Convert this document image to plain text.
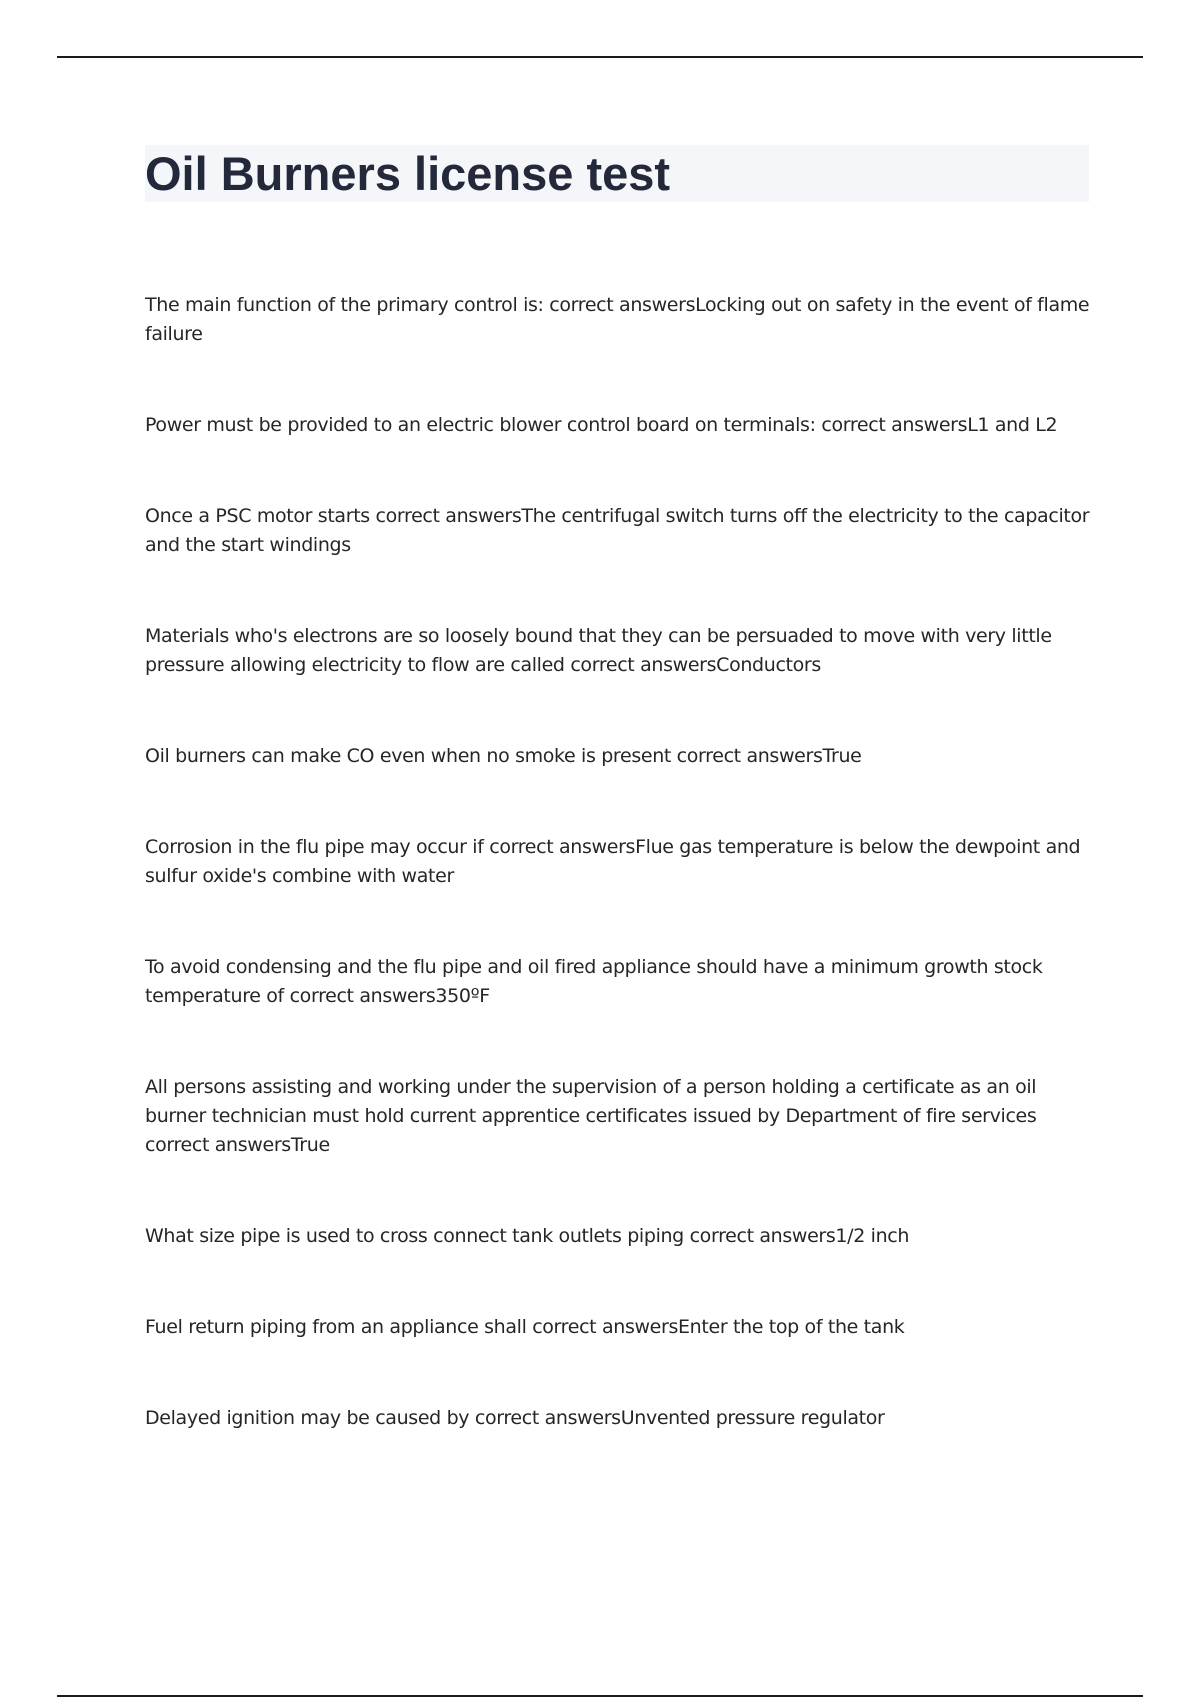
Oil Burners license test

The main function of the primary control is: correct answersLocking out on safety in the event of flame failure

Power must be provided to an electric blower control board on terminals: correct answersL1 and L2

Once a PSC motor starts correct answersThe centrifugal switch turns off the electricity to the capacitor and the start windings

Materials who's electrons are so loosely bound that they can be persuaded to move with very little pressure allowing electricity to flow are called correct answersConductors

Oil burners can make CO even when no smoke is present correct answersTrue

Corrosion in the flu pipe may occur if correct answersFlue gas temperature is below the dewpoint and sulfur oxide's combine with water

To avoid condensing and the flu pipe and oil fired appliance should have a minimum growth stock temperature of correct answers350ºF

All persons assisting and working under the supervision of a person holding a certificate as an oil burner technician must hold current apprentice certificates issued by Department of fire services correct answersTrue

What size pipe is used to cross connect tank outlets piping correct answers1/2 inch

Fuel return piping from an appliance shall correct answersEnter the top of the tank

Delayed ignition may be caused by correct answersUnvented pressure regulator
